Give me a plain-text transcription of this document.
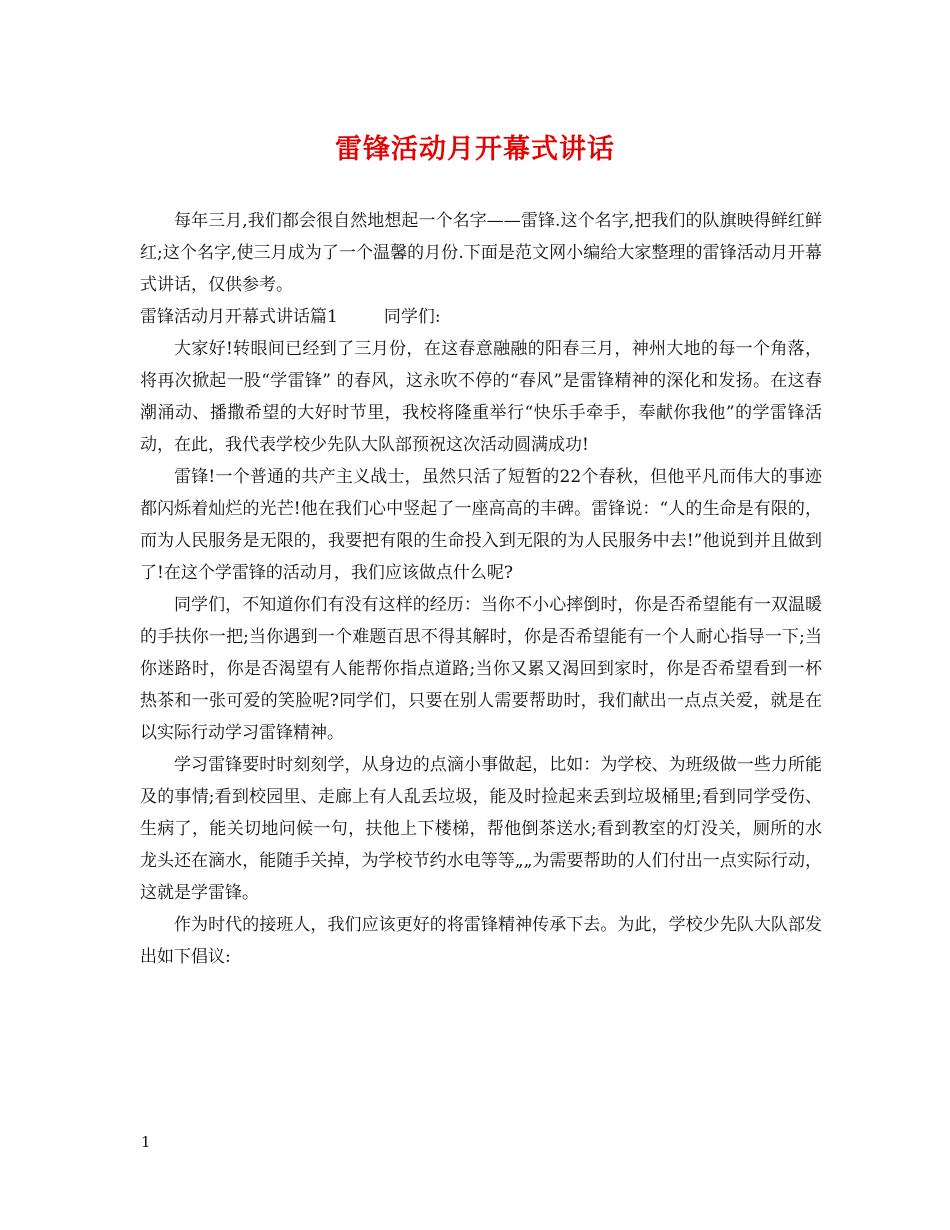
雷锋活动月开幕式讲话

每年三月,我们都会很自然地想起一个名字——雷锋.这个名字,把我们的队旗映得鲜红鲜红;这个名字,使三月成为了一个温馨的月份.下面是范文网小编给大家整理的雷锋活动月开幕式讲话，仅供参考。

雷锋活动月开幕式讲话篇1	同学们:

大家好!转眼间已经到了三月份，在这春意融融的阳春三月，神州大地的每一个角落，将再次掀起一股“学雷锋” 的春风，这永吹不停的“春风”是雷锋精神的深化和发扬。在这春潮涌动、播撒希望的大好时节里，我校将隆重举行“快乐手牵手，奉献你我他”的学雷锋活动，在此，我代表学校少先队大队部预祝这次活动圆满成功!

雷锋!一个普通的共产主义战士，虽然只活了短暂的22个春秋，但他平凡而伟大的事迹都闪烁着灿烂的光芒!他在我们心中竖起了一座高高的丰碑。雷锋说：“人的生命是有限的，而为人民服务是无限的，我要把有限的生命投入到无限的为人民服务中去!”他说到并且做到了!在这个学雷锋的活动月，我们应该做点什么呢?

同学们，不知道你们有没有这样的经历：当你不小心摔倒时，你是否希望能有一双温暖的手扶你一把;当你遇到一个难题百思不得其解时，你是否希望能有一个人耐心指导一下;当你迷路时，你是否渴望有人能帮你指点道路;当你又累又渴回到家时，你是否希望看到一杯热茶和一张可爱的笑脸呢?同学们，只要在别人需要帮助时，我们献出一点点关爱，就是在以实际行动学习雷锋精神。

学习雷锋要时时刻刻学，从身边的点滴小事做起，比如：为学校、为班级做一些力所能及的事情;看到校园里、走廊上有人乱丢垃圾，能及时捡起来丢到垃圾桶里;看到同学受伤、生病了，能关切地问候一句，扶他上下楼梯，帮他倒茶送水;看到教室的灯没关，厕所的水龙头还在滴水，能随手关掉，为学校节约水电等等„„为需要帮助的人们付出一点实际行动，这就是学雷锋。

作为时代的接班人，我们应该更好的将雷锋精神传承下去。为此，学校少先队大队部发出如下倡议:

1
